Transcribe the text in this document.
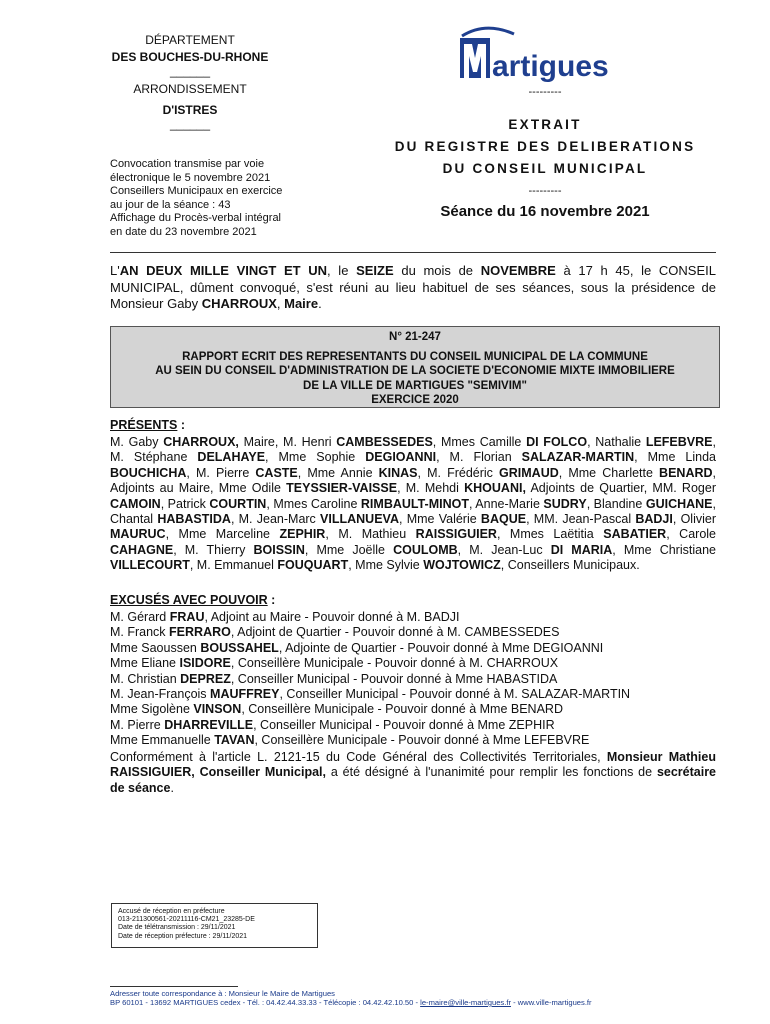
DÉPARTEMENT
DES BOUCHES-DU-RHONE
______
ARRONDISSEMENT
D'ISTRES
______
Convocation transmise par voie
électronique le 5 novembre 2021
Conseillers Municipaux en exercice
au jour de la séance : 43
Affichage du Procès-verbal intégral
en date du 23 novembre 2021
artigues
---------
EXTRAIT
DU REGISTRE DES DELIBERATIONS
DU CONSEIL MUNICIPAL
---------
Séance du 16 novembre 2021
L'AN DEUX MILLE VINGT ET UN, le SEIZE du mois de NOVEMBRE à 17 h 45, le CONSEIL MUNICIPAL, dûment convoqué, s'est réuni au lieu habituel de ses séances, sous la présidence de Monsieur Gaby CHARROUX, Maire.
N° 21-247
RAPPORT ECRIT DES REPRESENTANTS DU CONSEIL MUNICIPAL DE LA COMMUNE
AU SEIN DU CONSEIL D'ADMINISTRATION DE LA SOCIETE D'ECONOMIE MIXTE IMMOBILIERE
DE LA VILLE DE MARTIGUES "SEMIVIM"
EXERCICE 2020
PRÉSENTS :
M. Gaby CHARROUX, Maire, M. Henri CAMBESSEDES, Mmes Camille DI FOLCO, Nathalie LEFEBVRE, M. Stéphane DELAHAYE, Mme Sophie DEGIOANNI, M. Florian SALAZAR-MARTIN, Mme Linda BOUCHICHA, M. Pierre CASTE, Mme Annie KINAS, M. Frédéric GRIMAUD, Mme Charlette BENARD, Adjoints au Maire, Mme Odile TEYSSIER-VAISSE, M. Mehdi KHOUANI, Adjoints de Quartier, MM. Roger CAMOIN, Patrick COURTIN, Mmes Caroline RIMBAULT-MINOT, Anne-Marie SUDRY, Blandine GUICHANE, Chantal HABASTIDA, M. Jean-Marc VILLANUEVA, Mme Valérie BAQUE, MM. Jean-Pascal BADJI, Olivier MAURUC, Mme Marceline ZEPHIR, M. Mathieu RAISSIGUIER, Mmes Laëtitia SABATIER, Carole CAHAGNE, M. Thierry BOISSIN, Mme Joëlle COULOMB, M. Jean-Luc DI MARIA, Mme Christiane VILLECOURT, M. Emmanuel FOUQUART, Mme Sylvie WOJTOWICZ, Conseillers Municipaux.
EXCUSÉS AVEC POUVOIR :
M. Gérard FRAU, Adjoint au Maire - Pouvoir donné à M. BADJI
M. Franck FERRARO, Adjoint de Quartier - Pouvoir donné à M. CAMBESSEDES
Mme Saoussen BOUSSAHEL, Adjointe de Quartier - Pouvoir donné à Mme DEGIOANNI
Mme Eliane ISIDORE, Conseillère Municipale - Pouvoir donné à M. CHARROUX
M. Christian DEPREZ, Conseiller Municipal - Pouvoir donné à Mme HABASTIDA
M. Jean-François MAUFFREY, Conseiller Municipal - Pouvoir donné à M. SALAZAR-MARTIN
Mme Sigolène VINSON, Conseillère Municipale - Pouvoir donné à Mme BENARD
M. Pierre DHARREVILLE, Conseiller Municipal - Pouvoir donné à Mme ZEPHIR
Mme Emmanuelle TAVAN, Conseillère Municipale - Pouvoir donné à Mme LEFEBVRE
Conformément à l'article L. 2121-15 du Code Général des Collectivités Territoriales, Monsieur Mathieu RAISSIGUIER, Conseiller Municipal, a été désigné à l'unanimité pour remplir les fonctions de secrétaire de séance.
Accusé de réception en préfecture
013-211300561-20211116-CM21_23285-DE
Date de télétransmission : 29/11/2021
Date de réception préfecture : 29/11/2021
Adresser toute correspondance à : Monsieur le Maire de Martigues
BP 60101 - 13692 MARTIGUES cedex - Tél. : 04.42.44.33.33 - Télécopie : 04.42.42.10.50 - le-maire@ville-martigues.fr - www.ville-martigues.fr
